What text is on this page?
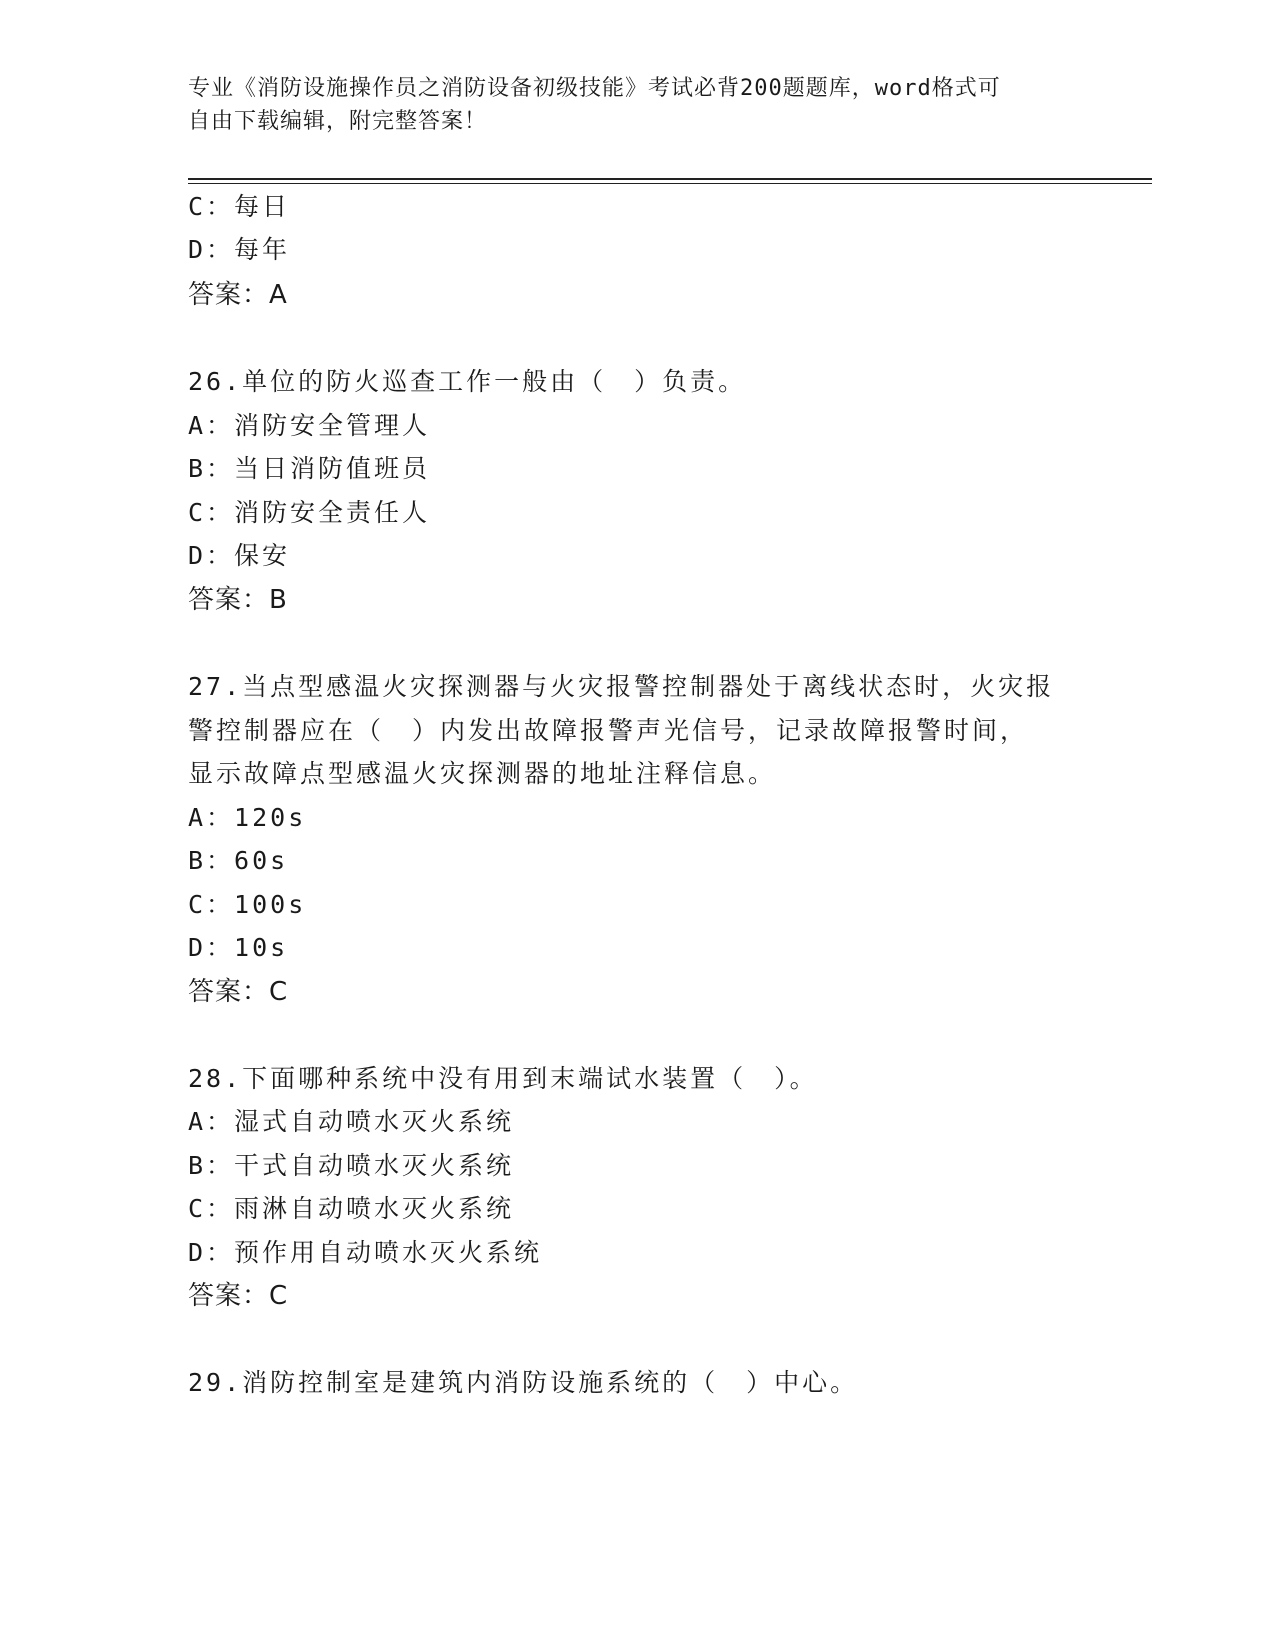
专业《消防设施操作员之消防设备初级技能》考试必背200题题库，word格式可
自由下载编辑，附完整答案！
C：每日
D：每年
答案：A
26.单位的防火巡查工作一般由（　）负责。
A：消防安全管理人
B：当日消防值班员
C：消防安全责任人
D：保安
答案：B
27.当点型感温火灾探测器与火灾报警控制器处于离线状态时，火灾报
警控制器应在（　）内发出故障报警声光信号，记录故障报警时间，
显示故障点型感温火灾探测器的地址注释信息。
A：120s
B：60s
C：100s
D：10s
答案：C
28.下面哪种系统中没有用到末端试水装置（　）。
A：湿式自动喷水灭火系统
B：干式自动喷水灭火系统
C：雨淋自动喷水灭火系统
D：预作用自动喷水灭火系统
答案：C
29.消防控制室是建筑内消防设施系统的（　）中心。
